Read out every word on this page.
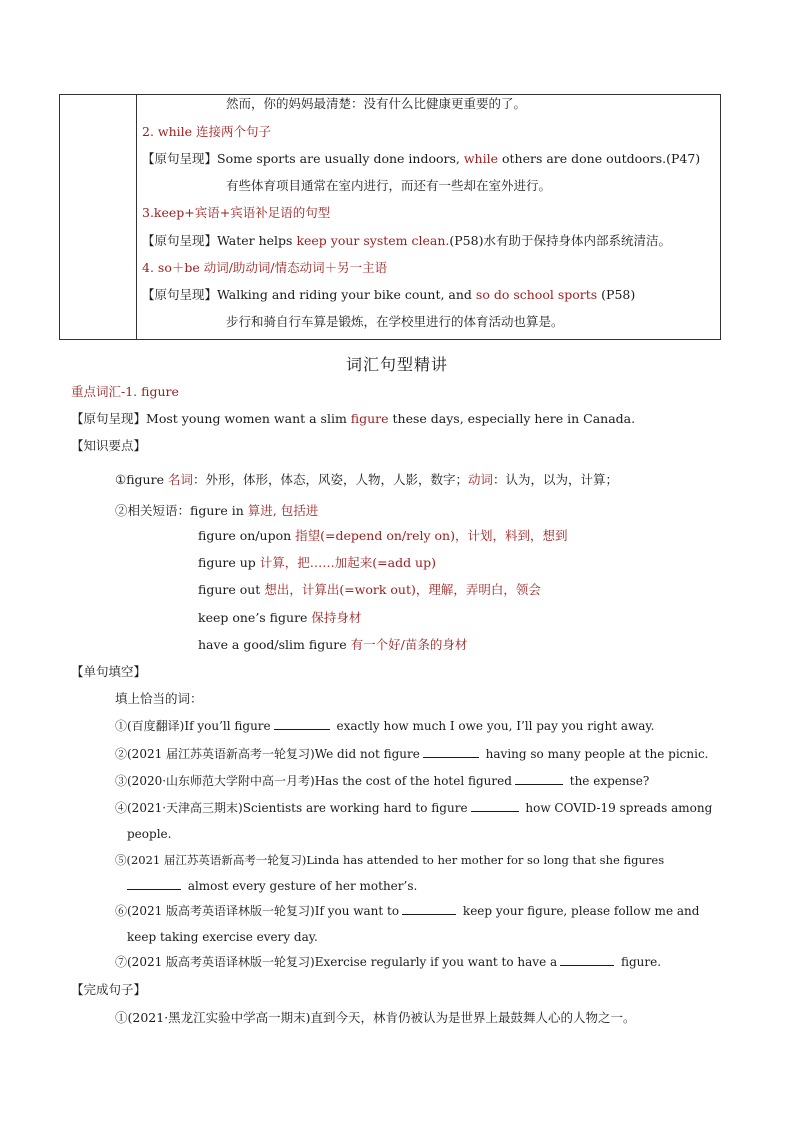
然而，你的妈妈最清楚：没有什么比健康更重要的了。
2. while 连接两个句子
【原句呈现】Some sports are usually done indoors, while others are done outdoors.(P47)
有些体育项目通常在室内进行，而还有一些却在室外进行。
3.keep+宾语+宾语补足语的句型
【原句呈现】Water helps keep your system clean.(P58)水有助于保持身体内部系统清洁。
4. so＋be 动词/助动词/情态动词＋另一主语
【原句呈现】Walking and riding your bike count, and so do school sports (P58)
步行和骑自行车算是锻炼，在学校里进行的体育活动也算是。
词汇句型精讲
重点词汇-1. figure
【原句呈现】Most young women want a slim figure these days, especially here in Canada.
【知识要点】
①figure 名词：外形，体形，体态，风姿，人物，人影，数字；动词：认为，以为，计算；
②相关短语：figure in 算进, 包括进
figure on/upon 指望(=depend on/rely on)，计划，料到，想到
figure up 计算，把……加起来(=add up)
figure out 想出，计算出(=work out)，理解，弄明白，领会
keep one’s figure 保持身材
have a good/slim figure 有一个好/苗条的身材
【单句填空】
填上恰当的词：
①(百度翻译)If you’ll figure	exactly how much I owe you, I’ll pay you right away.
②(2021 届江苏英语新高考一轮复习)We did not figure	having so many people at the picnic.
③(2020·山东师范大学附中高一月考)Has the cost of the hotel figured	the expense?
④(2021·天津高三期末)Scientists are working hard to figure	how COVID-19 spreads among
people.
⑤(2021 届江苏英语新高考一轮复习)Linda has attended to her mother for so long that she figures
almost every gesture of her mother’s.
⑥(2021 版高考英语译林版一轮复习)If you want to	keep your figure, please follow me and
keep taking exercise every day.
⑦(2021 版高考英语译林版一轮复习)Exercise regularly if you want to have a	figure.
【完成句子】
①(2021·黑龙江实验中学高一期末)直到今天，林肯仍被认为是世界上最鼓舞人心的人物之一。
